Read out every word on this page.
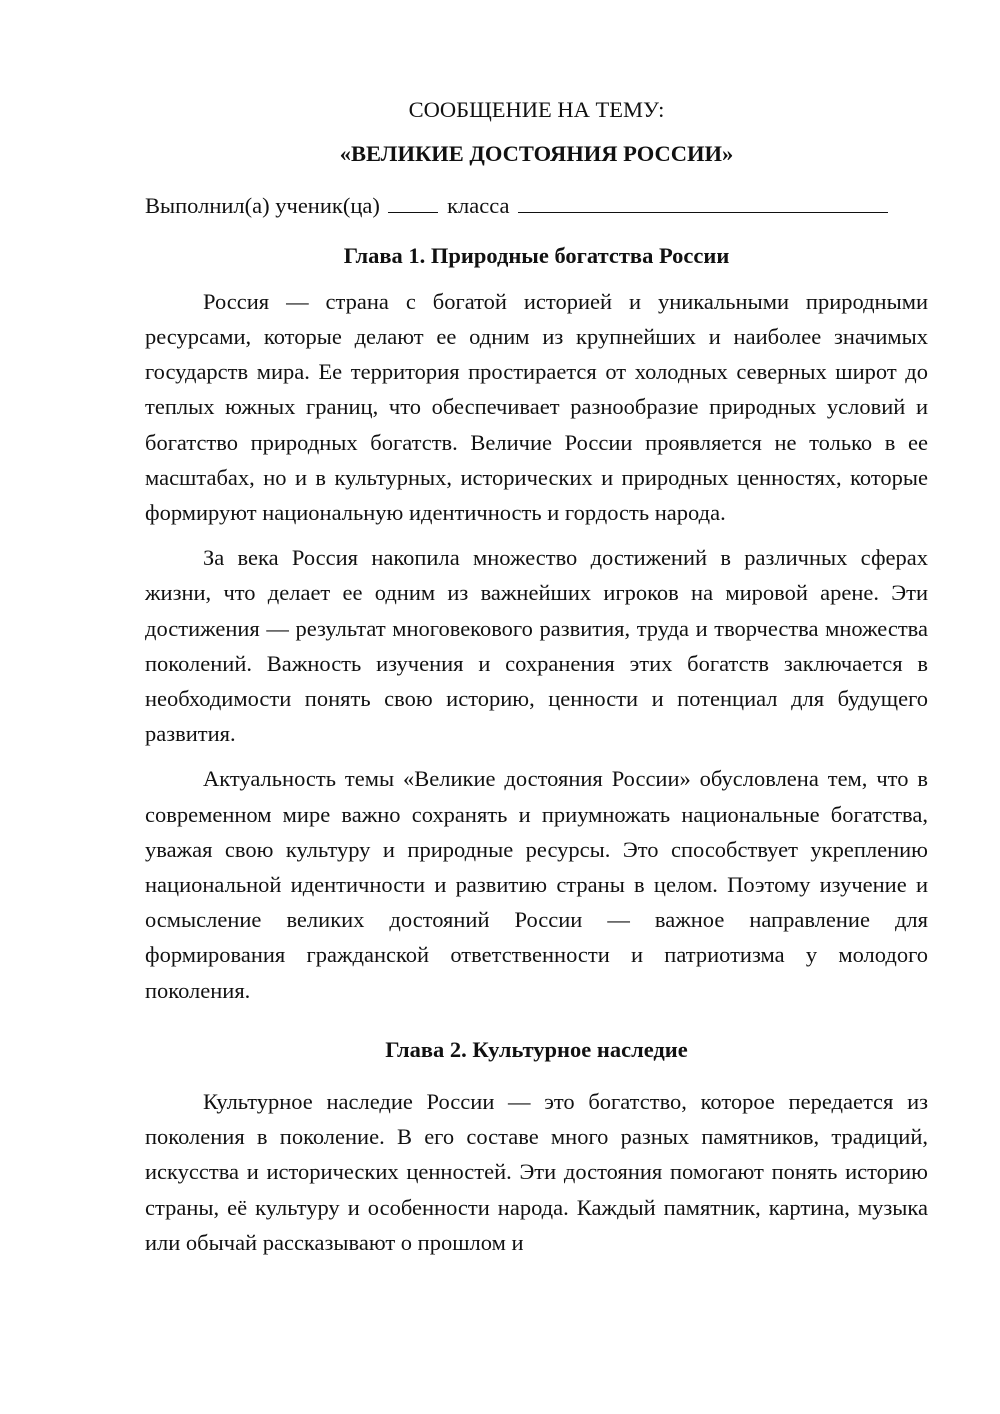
СООБЩЕНИЕ НА ТЕМУ:
«ВЕЛИКИЕ ДОСТОЯНИЯ РОССИИ»
Выполнил(а) ученик(ца)	класса
Глава 1. Природные богатства России

Россия — страна с богатой историей и уникальными природными ресурсами, которые делают ее одним из крупнейших и наиболее значимых государств мира. Ее территория простирается от холодных северных широт до теплых южных границ, что обеспечивает разнообразие природных условий и богатство природных богатств. Величие России проявляется не только в ее масштабах, но и в культурных, исторических и природных ценностях, которые формируют национальную идентичность и гордость народа.

За века Россия накопила множество достижений в различных сферах жизни, что делает ее одним из важнейших игроков на мировой арене. Эти достижения — результат многовекового развития, труда и творчества множества поколений. Важность изучения и сохранения этих богатств заключается в необходимости понять свою историю, ценности и потенциал для будущего развития.

Актуальность темы «Великие достояния России» обусловлена тем, что в современном мире важно сохранять и приумножать национальные богатства, уважая свою культуру и природные ресурсы. Это способствует укреплению национальной идентичности и развитию страны в целом. Поэтому изучение и осмысление великих достояний России — важное направление для формирования гражданской ответственности и патриотизма у молодого поколения.

Глава 2. Культурное наследие

Культурное наследие России — это богатство, которое передается из поколения в поколение. В его составе много разных памятников, традиций, искусства и исторических ценностей. Эти достояния помогают понять историю страны, её культуру и особенности народа. Каждый памятник, картина, музыка или обычай рассказывают о прошлом и
